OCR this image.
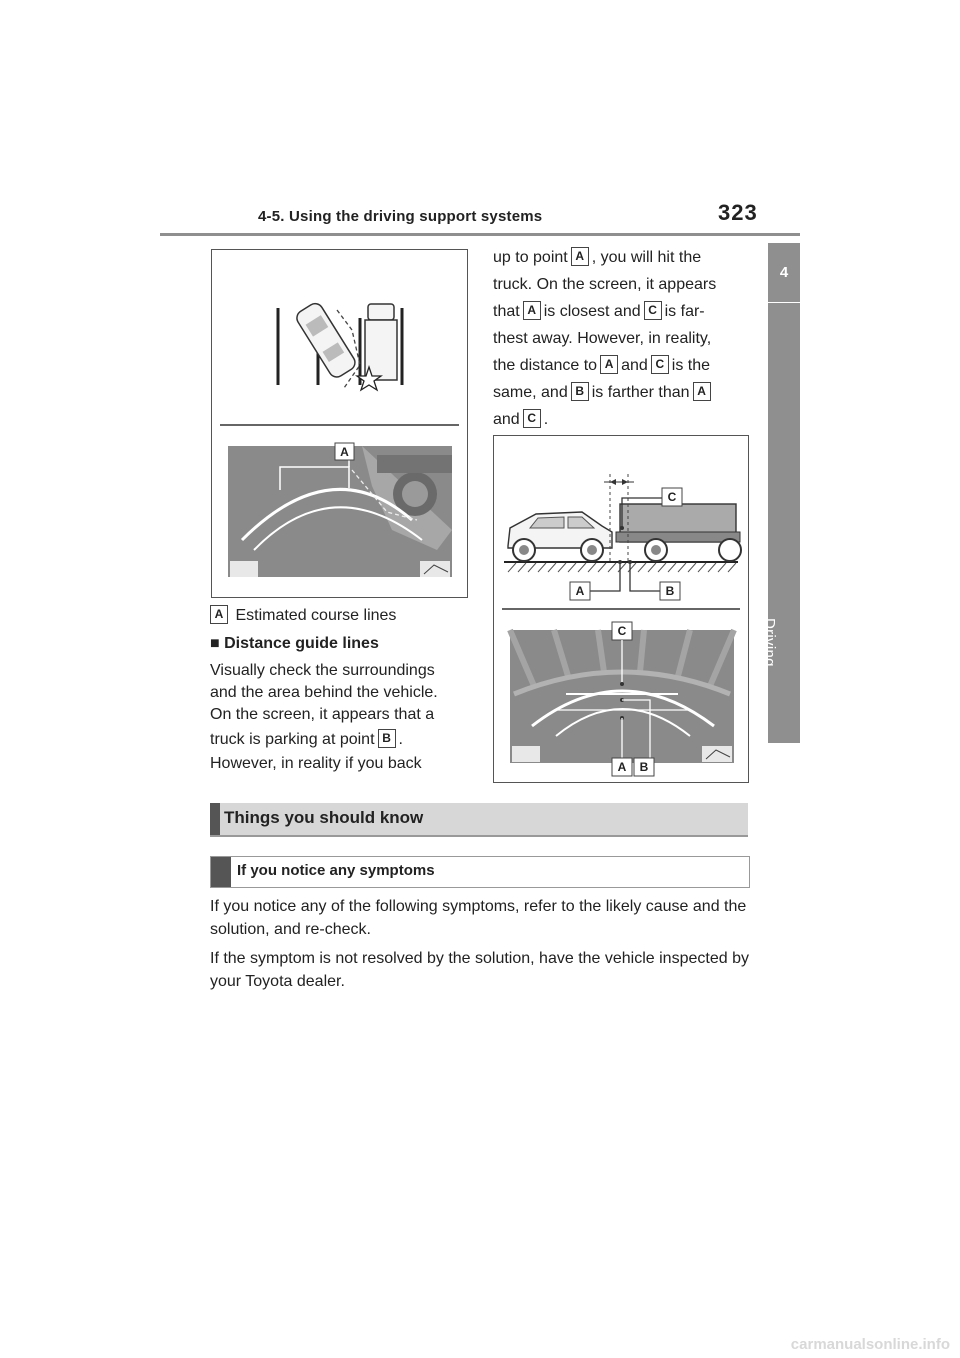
4-5. Using the driving support systems	323
4
Driving
A

A Estimated course lines

■ Distance guide lines

Visually check the surroundings

and the area behind the vehicle.

On the screen, it appears that a

truck is parking at point B .

However, in reality if you back

up to point A , you will hit the

truck. On the screen, it appears

that A is closest and C is far-

thest away. However, in reality,

the distance to A and C is the

same, and B is farther than A

and C .

C
A	B
C
A B
Things you should know
If you notice any symptoms

If you notice any of the following symptoms, refer to the likely cause and the solution, and re-check.

If the symptom is not resolved by the solution, have the vehicle inspected by your Toyota dealer.

carmanualsonline.info
